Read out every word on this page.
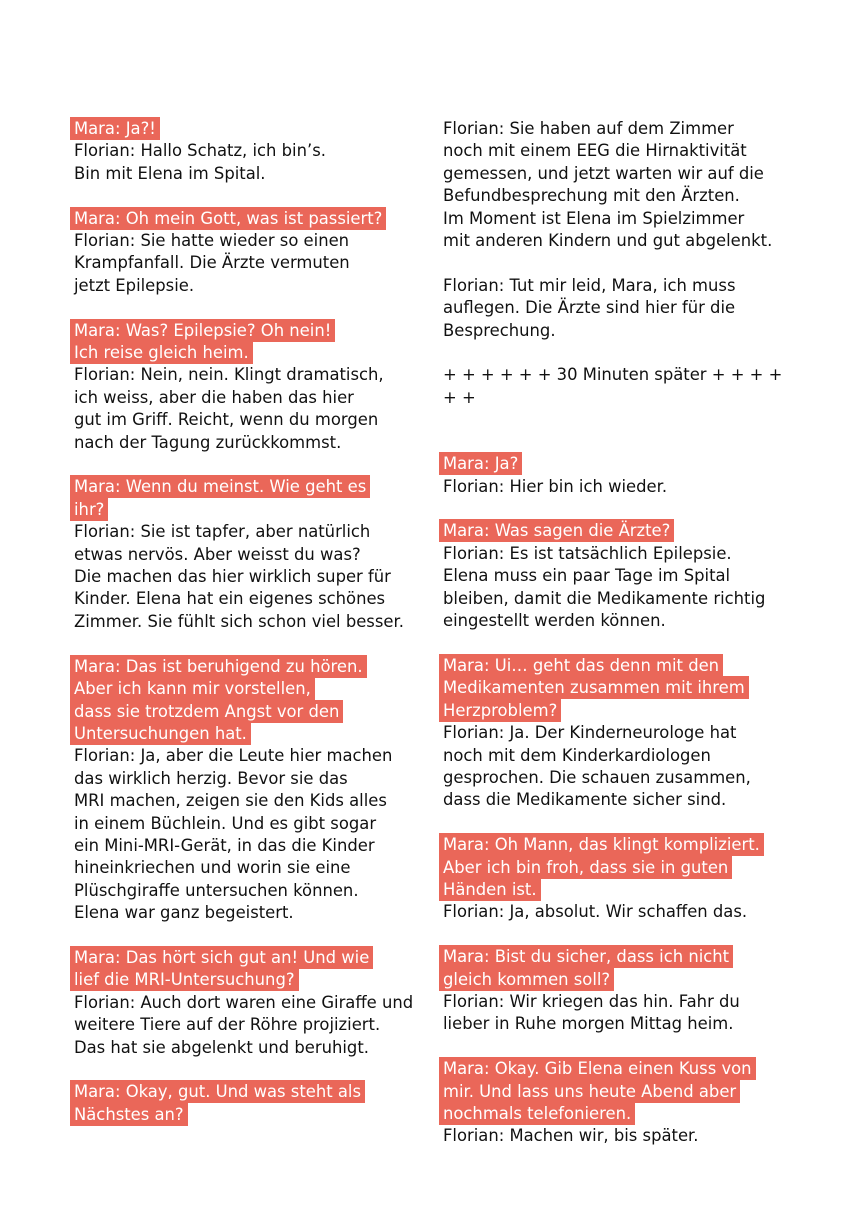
Mara: Ja?!
Florian: Hallo Schatz, ich bin’s.
Bin mit Elena im Spital.
Mara: Oh mein Gott, was ist passiert?
Florian: Sie hatte wieder so einen
Krampfanfall. Die Ärzte vermuten
jetzt Epilepsie.
Mara: Was? Epilepsie? Oh nein!
Ich reise gleich heim.
Florian: Nein, nein. Klingt dramatisch,
ich weiss, aber die haben das hier
gut im Griff. Reicht, wenn du morgen
nach der Tagung zurückkommst.
Mara: Wenn du meinst. Wie geht es
ihr?
Florian: Sie ist tapfer, aber natürlich
etwas nervös. Aber weisst du was?
Die machen das hier wirklich super für
Kinder. Elena hat ein eigenes schönes
Zimmer. Sie fühlt sich schon viel besser.
Mara: Das ist beruhigend zu hören.
Aber ich kann mir vorstellen,
dass sie trotzdem Angst vor den
Untersuchungen hat.
Florian: Ja, aber die Leute hier machen
das wirklich herzig. Bevor sie das
MRI machen, zeigen sie den Kids alles
in einem Büchlein. Und es gibt sogar
ein Mini-MRI-Gerät, in das die Kinder
hineinkriechen und worin sie eine
Plüschgiraffe untersuchen können.
Elena war ganz begeistert.
Mara: Das hört sich gut an! Und wie
lief die MRI-Untersuchung?
Florian: Auch dort waren eine Giraffe und
weitere Tiere auf der Röhre projiziert.
Das hat sie abgelenkt und beruhigt.
Mara: Okay, gut. Und was steht als
Nächstes an?
Florian: Sie haben auf dem Zimmer
noch mit einem EEG die Hirnaktivität
gemessen, und jetzt warten wir auf die
Befundbesprechung mit den Ärzten.
Im Moment ist Elena im Spielzimmer
mit anderen Kindern und gut abgelenkt.
Florian: Tut mir leid, Mara, ich muss
auflegen. Die Ärzte sind hier für die
Besprechung.
+ + + + + + 30 Minuten später + + + + + +
Mara: Ja?
Florian: Hier bin ich wieder.
Mara: Was sagen die Ärzte?
Florian: Es ist tatsächlich Epilepsie.
Elena muss ein paar Tage im Spital
bleiben, damit die Medikamente richtig
eingestellt werden können.
Mara: Ui… geht das denn mit den
Medikamenten zusammen mit ihrem
Herzproblem?
Florian: Ja. Der Kinderneurologe hat
noch mit dem Kinderkardiologen
gesprochen. Die schauen zusammen,
dass die Medikamente sicher sind.
Mara: Oh Mann, das klingt kompliziert.
Aber ich bin froh, dass sie in guten
Händen ist.
Florian: Ja, absolut. Wir schaffen das.
Mara: Bist du sicher, dass ich nicht
gleich kommen soll?
Florian: Wir kriegen das hin. Fahr du
lieber in Ruhe morgen Mittag heim.
Mara: Okay. Gib Elena einen Kuss von
mir. Und lass uns heute Abend aber
nochmals telefonieren.
Florian: Machen wir, bis später.
